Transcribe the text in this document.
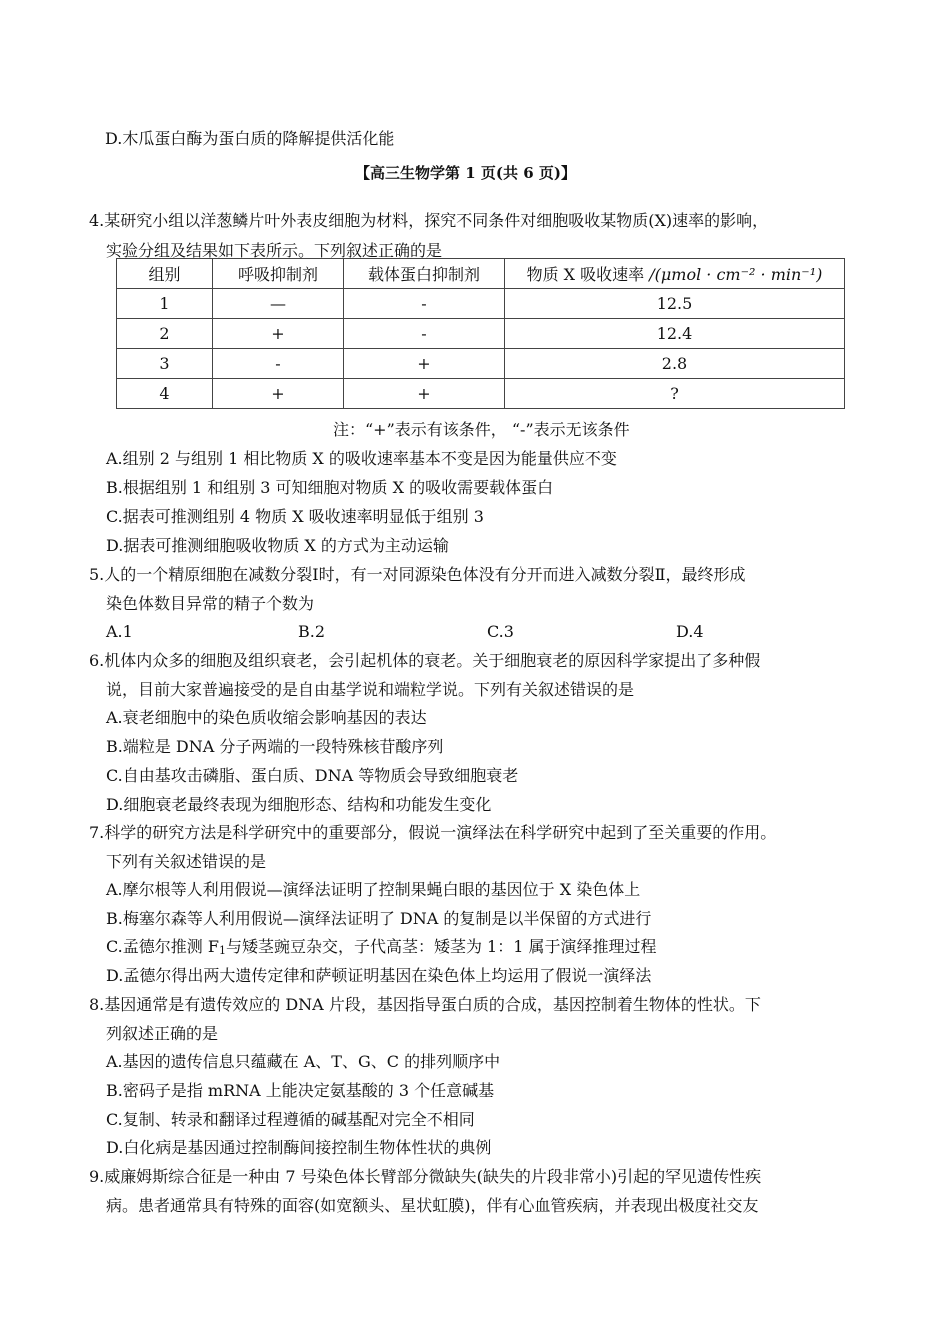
D.木瓜蛋白酶为蛋白质的降解提供活化能
【高三生物学第 1 页(共 6 页)】
4.某研究小组以洋葱鳞片叶外表皮细胞为材料，探究不同条件对细胞吸收某物质(X)速率的影响，
实验分组及结果如下表所示。下列叙述正确的是
组别	呼吸抑制剂	载体蛋白抑制剂	物质 X 吸收速率 /(μmol · cm⁻² · min⁻¹)
1	—	-	12.5
2	+	-	12.4
3	-	+	2.8
4	+	+	?
注：“+”表示有该条件， “-”表示无该条件
A.组别 2 与组别 1 相比物质 X 的吸收速率基本不变是因为能量供应不变
B.根据组别 1 和组别 3 可知细胞对物质 X 的吸收需要载体蛋白
C.据表可推测组别 4 物质 X 吸收速率明显低于组别 3
D.据表可推测细胞吸收物质 X 的方式为主动运输
5.人的一个精原细胞在减数分裂Ⅰ时，有一对同源染色体没有分开而进入减数分裂Ⅱ，最终形成
染色体数目异常的精子个数为
A.1	B.2	C.3	D.4
6.机体内众多的细胞及组织衰老，会引起机体的衰老。关于细胞衰老的原因科学家提出了多种假
说，目前大家普遍接受的是自由基学说和端粒学说。下列有关叙述错误的是
A.衰老细胞中的染色质收缩会影响基因的表达
B.端粒是 DNA 分子两端的一段特殊核苷酸序列
C.自由基攻击磷脂、蛋白质、DNA 等物质会导致细胞衰老
D.细胞衰老最终表现为细胞形态、结构和功能发生变化
7.科学的研究方法是科学研究中的重要部分，假说一演绎法在科学研究中起到了至关重要的作用。
下列有关叙述错误的是
A.摩尔根等人利用假说—演绎法证明了控制果蝇白眼的基因位于 X 染色体上
B.梅塞尔森等人利用假说—演绎法证明了 DNA 的复制是以半保留的方式进行
C.孟德尔推测 F1与矮茎豌豆杂交，子代高茎：矮茎为 1：1 属于演绎推理过程
D.孟德尔得出两大遗传定律和萨顿证明基因在染色体上均运用了假说一演绎法
8.基因通常是有遗传效应的 DNA 片段，基因指导蛋白质的合成，基因控制着生物体的性状。下
列叙述正确的是
A.基因的遗传信息只蕴藏在 A、T、G、C 的排列顺序中
B.密码子是指 mRNA 上能决定氨基酸的 3 个任意碱基
C.复制、转录和翻译过程遵循的碱基配对完全不相同
D.白化病是基因通过控制酶间接控制生物体性状的典例
9.威廉姆斯综合征是一种由 7 号染色体长臂部分微缺失(缺失的片段非常小)引起的罕见遗传性疾
病。患者通常具有特殊的面容(如宽额头、星状虹膜)，伴有心血管疾病，并表现出极度社交友
